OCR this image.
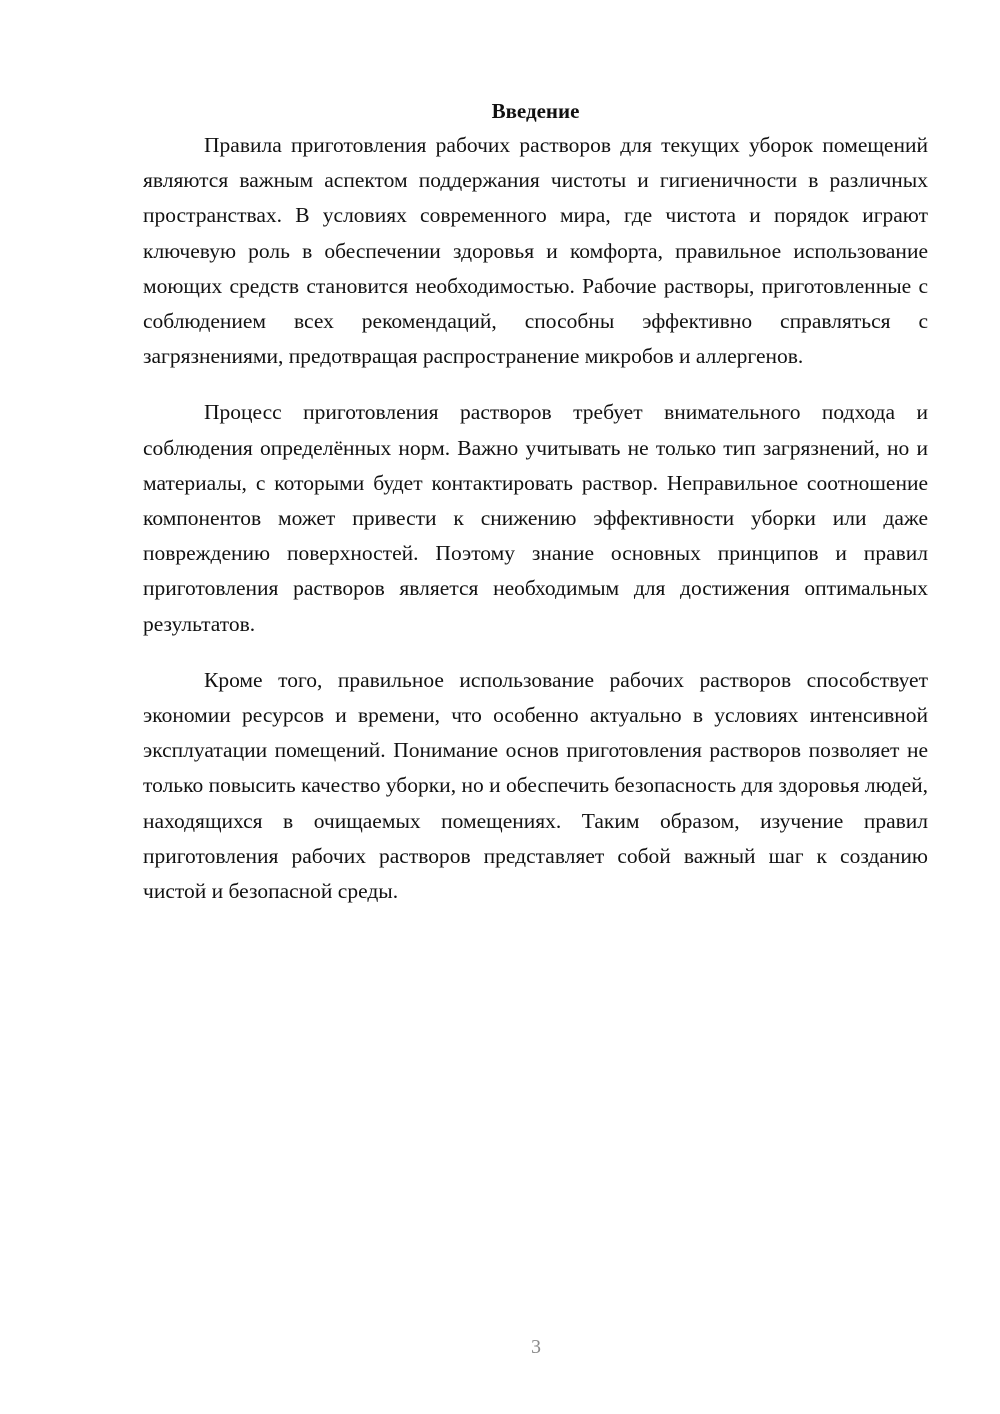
Введение

Правила приготовления рабочих растворов для текущих уборок помещений являются важным аспектом поддержания чистоты и гигиеничности в различных пространствах. В условиях современного мира, где чистота и порядок играют ключевую роль в обеспечении здоровья и комфорта, правильное использование моющих средств становится необходимостью. Рабочие растворы, приготовленные с соблюдением всех рекомендаций, способны эффективно справляться с загрязнениями, предотвращая распространение микробов и аллергенов.

Процесс приготовления растворов требует внимательного подхода и соблюдения определённых норм. Важно учитывать не только тип загрязнений, но и материалы, с которыми будет контактировать раствор. Неправильное соотношение компонентов может привести к снижению эффективности уборки или даже повреждению поверхностей. Поэтому знание основных принципов и правил приготовления растворов является необходимым для достижения оптимальных результатов.

Кроме того, правильное использование рабочих растворов способствует экономии ресурсов и времени, что особенно актуально в условиях интенсивной эксплуатации помещений. Понимание основ приготовления растворов позволяет не только повысить качество уборки, но и обеспечить безопасность для здоровья людей, находящихся в очищаемых помещениях. Таким образом, изучение правил приготовления рабочих растворов представляет собой важный шаг к созданию чистой и безопасной среды.

3
